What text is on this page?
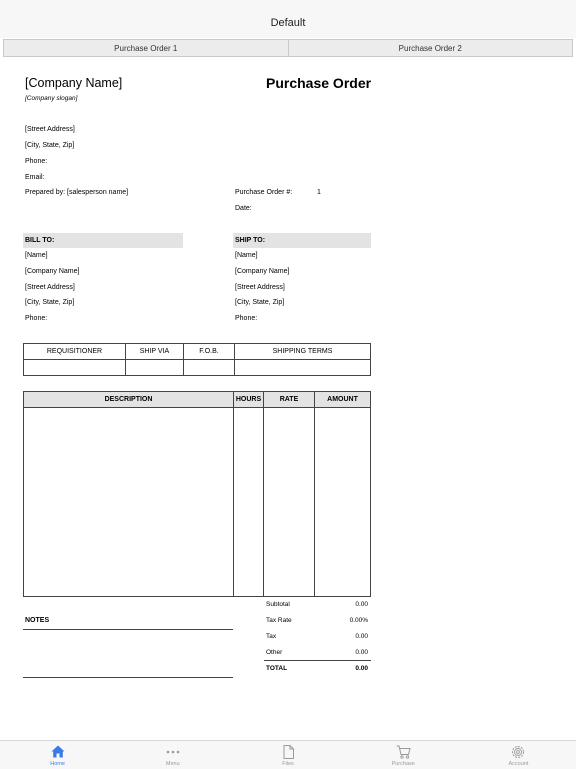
Default
Purchase Order 1	Purchase Order 2
[Company Name]
[Company slogan]
Purchase Order
[Street Address]
[City, State, Zip]
Phone:
Email:
Prepared by: [salesperson name]	Purchase Order #:	1
Date:
BILL TO:
[Name]
[Company Name]
[Street Address]
[City, State, Zip]
Phone:
SHIP TO:
[Name]
[Company Name]
[Street Address]
[City, State, Zip]
Phone:
REQUISITIONER	SHIP VIA	F.O.B.	SHIPPING TERMS

DESCRIPTION	HOURS	RATE	AMOUNT

NOTES
Subtotal	0.00
Tax Rate	0.00%
Tax	0.00
Other	0.00
TOTAL	0.00
Home	Menu	Files	Purchase	Account
